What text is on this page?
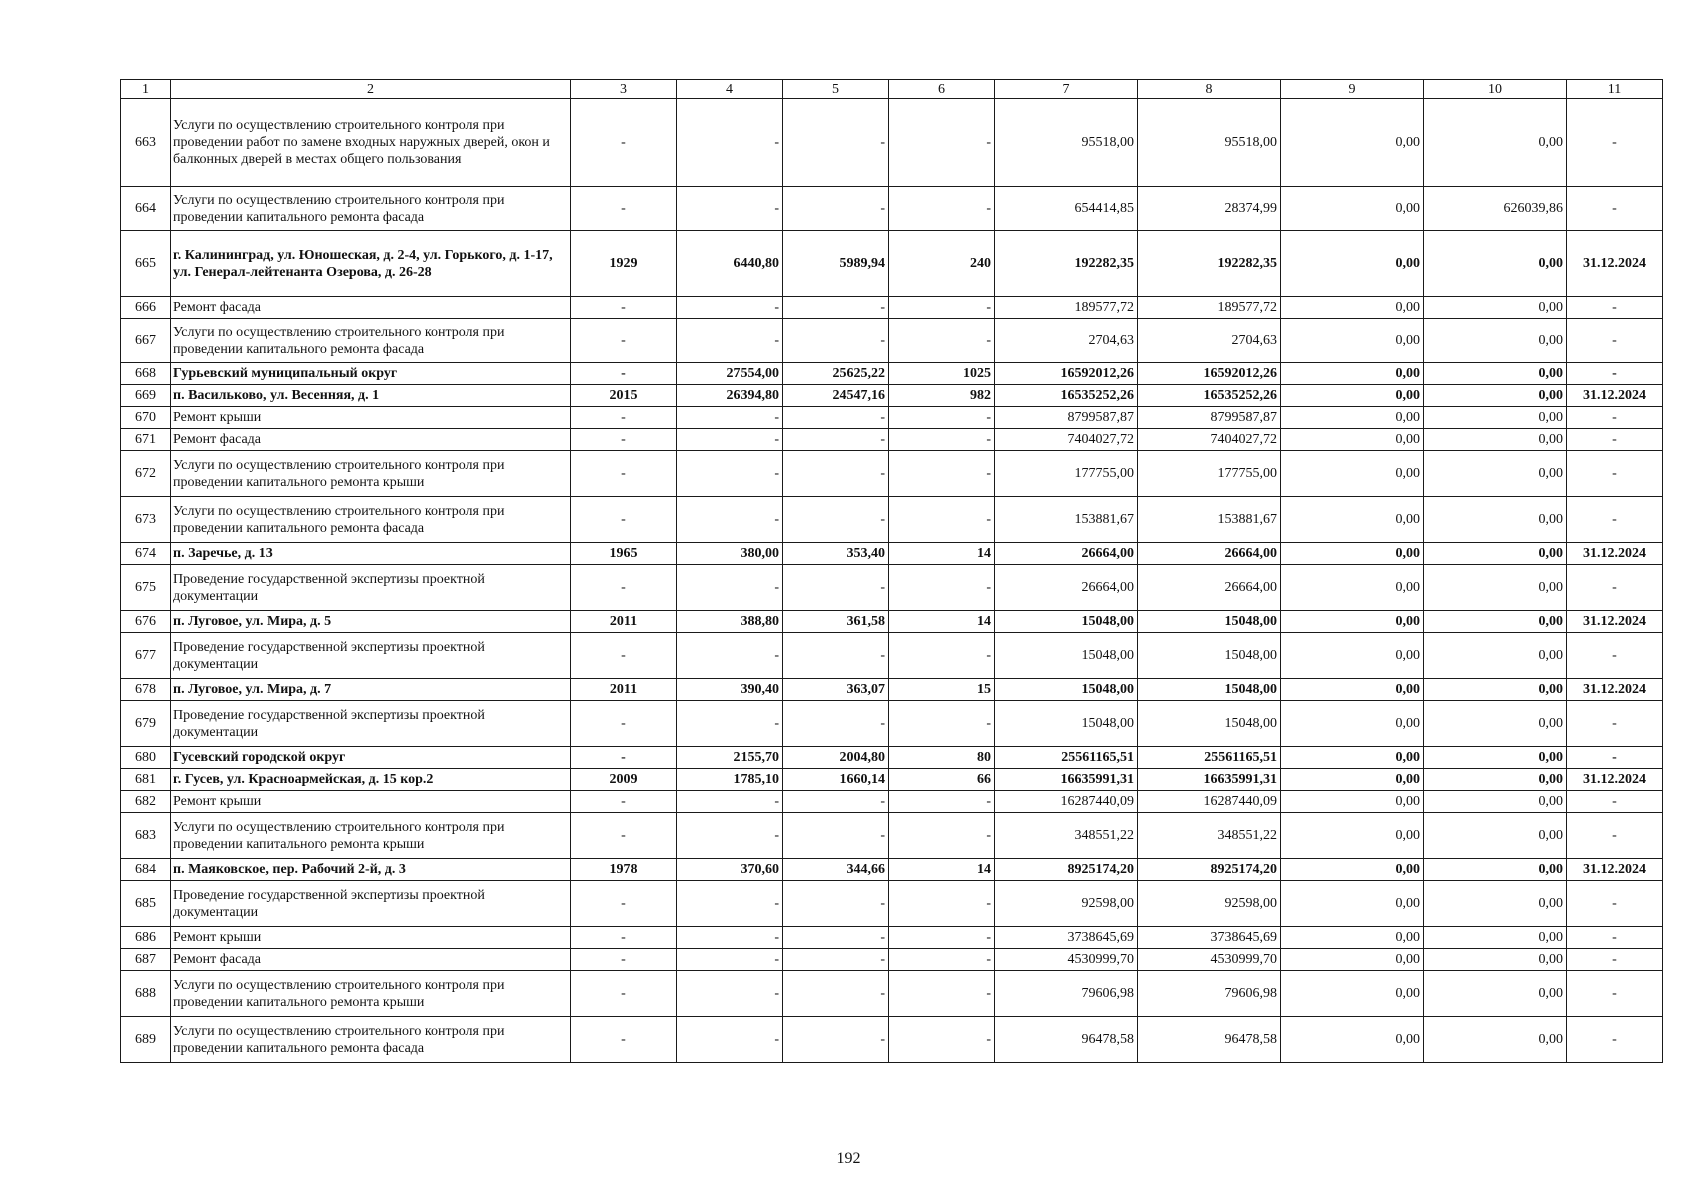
1	2	3	4	5	6	7	8	9	10	11
663	Услуги по осуществлению строительного контроля при проведении работ по замене входных наружных дверей, окон и балконных дверей в местах общего пользования	-	-	-	-	95518,00	95518,00	0,00	0,00	-
664	Услуги по осуществлению строительного контроля при проведении капитального ремонта фасада	-	-	-	-	654414,85	28374,99	0,00	626039,86	-
665	г. Калининград, ул. Юношеская, д. 2-4, ул. Горького, д. 1-17, ул. Генерал-лейтенанта Озерова, д. 26-28	1929	6440,80	5989,94	240	192282,35	192282,35	0,00	0,00	31.12.2024
666	Ремонт фасада	-	-	-	-	189577,72	189577,72	0,00	0,00	-
667	Услуги по осуществлению строительного контроля при проведении капитального ремонта фасада	-	-	-	-	2704,63	2704,63	0,00	0,00	-
668	Гурьевский муниципальный округ	-	27554,00	25625,22	1025	16592012,26	16592012,26	0,00	0,00	-
669	п. Васильково, ул. Весенняя, д. 1	2015	26394,80	24547,16	982	16535252,26	16535252,26	0,00	0,00	31.12.2024
670	Ремонт крыши	-	-	-	-	8799587,87	8799587,87	0,00	0,00	-
671	Ремонт фасада	-	-	-	-	7404027,72	7404027,72	0,00	0,00	-
672	Услуги по осуществлению строительного контроля при проведении капитального ремонта крыши	-	-	-	-	177755,00	177755,00	0,00	0,00	-
673	Услуги по осуществлению строительного контроля при проведении капитального ремонта фасада	-	-	-	-	153881,67	153881,67	0,00	0,00	-
674	п. Заречье, д. 13	1965	380,00	353,40	14	26664,00	26664,00	0,00	0,00	31.12.2024
675	Проведение государственной экспертизы проектной документации	-	-	-	-	26664,00	26664,00	0,00	0,00	-
676	п. Луговое, ул. Мира, д. 5	2011	388,80	361,58	14	15048,00	15048,00	0,00	0,00	31.12.2024
677	Проведение государственной экспертизы проектной документации	-	-	-	-	15048,00	15048,00	0,00	0,00	-
678	п. Луговое, ул. Мира, д. 7	2011	390,40	363,07	15	15048,00	15048,00	0,00	0,00	31.12.2024
679	Проведение государственной экспертизы проектной документации	-	-	-	-	15048,00	15048,00	0,00	0,00	-
680	Гусевский городской округ	-	2155,70	2004,80	80	25561165,51	25561165,51	0,00	0,00	-
681	г. Гусев, ул. Красноармейская, д. 15 кор.2	2009	1785,10	1660,14	66	16635991,31	16635991,31	0,00	0,00	31.12.2024
682	Ремонт крыши	-	-	-	-	16287440,09	16287440,09	0,00	0,00	-
683	Услуги по осуществлению строительного контроля при проведении капитального ремонта крыши	-	-	-	-	348551,22	348551,22	0,00	0,00	-
684	п. Маяковское, пер. Рабочий 2-й, д. 3	1978	370,60	344,66	14	8925174,20	8925174,20	0,00	0,00	31.12.2024
685	Проведение государственной экспертизы проектной документации	-	-	-	-	92598,00	92598,00	0,00	0,00	-
686	Ремонт крыши	-	-	-	-	3738645,69	3738645,69	0,00	0,00	-
687	Ремонт фасада	-	-	-	-	4530999,70	4530999,70	0,00	0,00	-
688	Услуги по осуществлению строительного контроля при проведении капитального ремонта крыши	-	-	-	-	79606,98	79606,98	0,00	0,00	-
689	Услуги по осуществлению строительного контроля при проведении капитального ремонта фасада	-	-	-	-	96478,58	96478,58	0,00	0,00	-
192
